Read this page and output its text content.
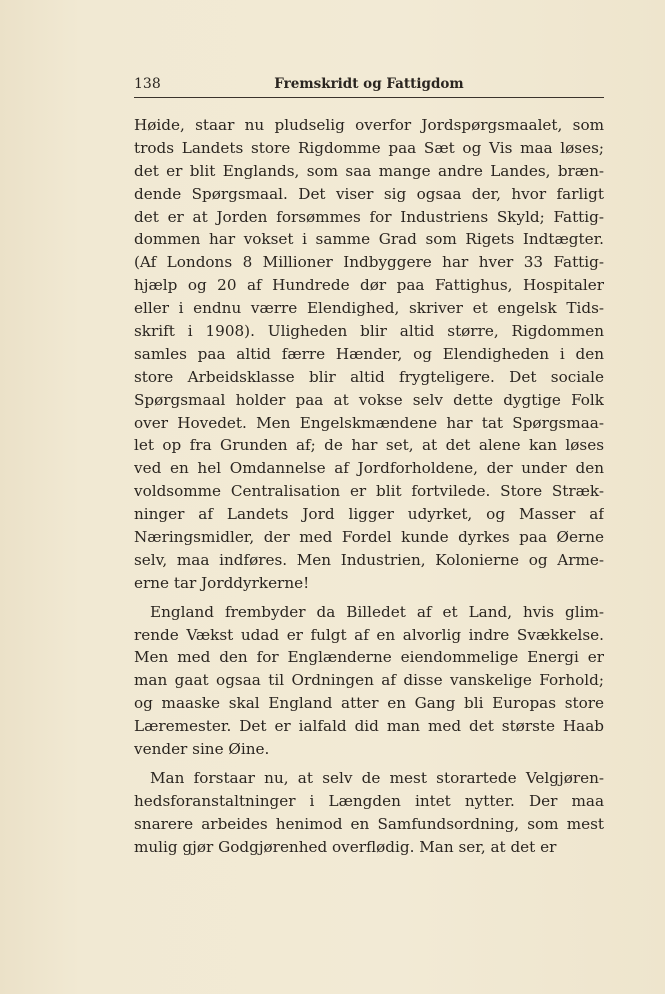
138	Fremskridt og Fattigdom
Høide, staar nu pludselig overfor Jordspørgsmaalet, som
trods Landets store Rigdomme paa Sæt og Vis maa løses;
det er blit Englands, som saa mange andre Landes, bræn-
dende Spørgsmaal. Det viser sig ogsaa der, hvor farligt
det er at Jorden forsømmes for Industriens Skyld; Fattig-
dommen har vokset i samme Grad som Rigets Indtægter.
(Af Londons 8 Millioner Indbyggere har hver 33 Fattig-
hjælp og 20 af Hundrede dør paa Fattighus, Hospitaler
eller i endnu værre Elendighed, skriver et engelsk Tids-
skrift i 1908). Uligheden blir altid større, Rigdommen
samles paa altid færre Hænder, og Elendigheden i den
store Arbeidsklasse blir altid frygteligere. Det sociale
Spørgsmaal holder paa at vokse selv dette dygtige Folk
over Hovedet. Men Engelskmændene har tat Spørgsmaa-
let op fra Grunden af; de har set, at det alene kan løses
ved en hel Omdannelse af Jordforholdene, der under den
voldsomme Centralisation er blit fortvilede. Store Stræk-
ninger af Landets Jord ligger udyrket, og Masser af
Næringsmidler, der med Fordel kunde dyrkes paa Øerne
selv, maa indføres. Men Industrien, Kolonierne og Arme-
erne tar Jorddyrkerne!
England frembyder da Billedet af et Land, hvis glim-
rende Vækst udad er fulgt af en alvorlig indre Svækkelse.
Men med den for Englænderne eiendommelige Energi er
man gaat ogsaa til Ordningen af disse vanskelige Forhold;
og maaske skal England atter en Gang bli Europas store
Læremester. Det er ialfald did man med det største Haab
vender sine Øine.
Man forstaar nu, at selv de mest storartede Velgjøren-
hedsforanstaltninger i Længden intet nytter. Der maa
snarere arbeides henimod en Samfundsordning, som mest
mulig gjør Godgjørenhed overflødig. Man ser, at det er
